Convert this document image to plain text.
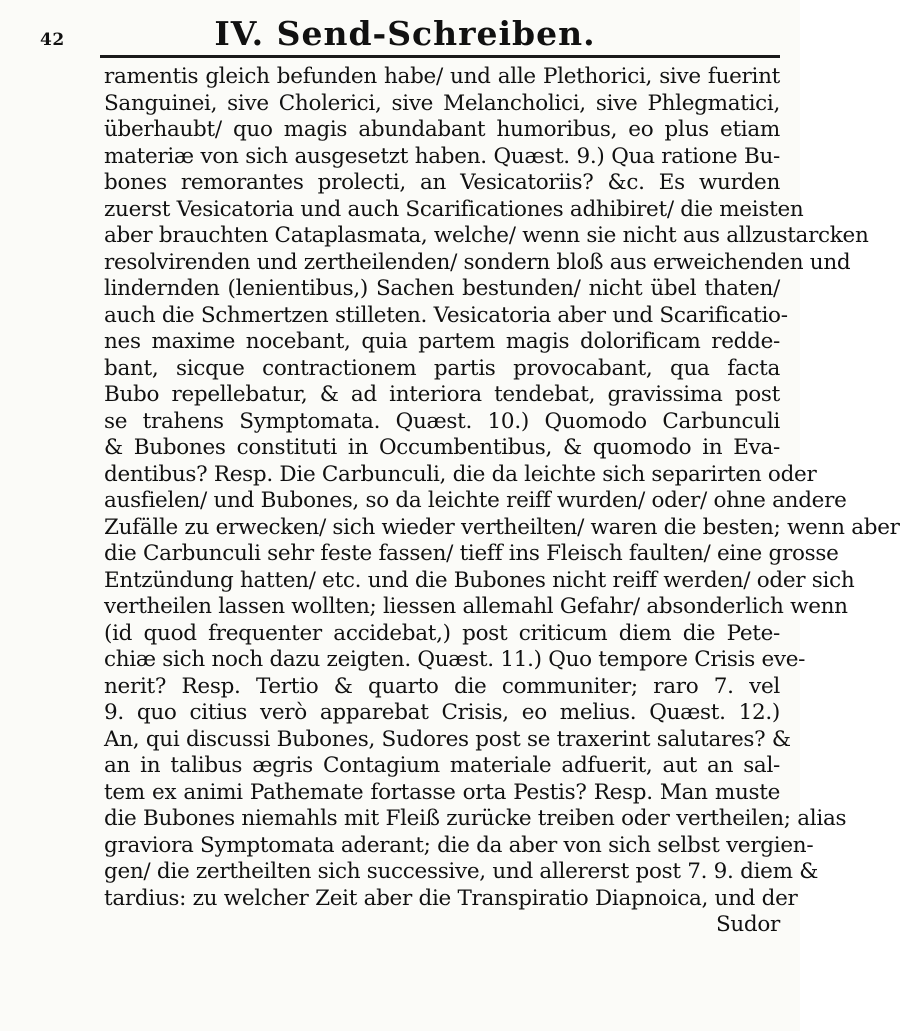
42	IV. Send-Schreiben.
ramentis gleich befunden habe/ und alle Plethorici, sive fuerint
Sanguinei, sive Cholerici, sive Melancholici, sive Phlegmatici,
überhaubt/ quo magis abundabant humoribus, eo plus etiam
materiæ von sich ausgesetzt haben. Quæst. 9.) Qua ratione Bu-
bones remorantes prolecti, an Vesicatoriis? &c. Es wurden
zuerst Vesicatoria und auch Scarificationes adhibiret/ die meisten
aber brauchten Cataplasmata, welche/ wenn sie nicht aus allzustarcken
resolvirenden und zertheilenden/ sondern bloß aus erweichenden und
lindernden (lenientibus,) Sachen bestunden/ nicht übel thaten/
auch die Schmertzen stilleten. Vesicatoria aber und Scarificatio-
nes maxime nocebant, quia partem magis dolorificam redde-
bant, sicque contractionem partis provocabant, qua facta
Bubo repellebatur, & ad interiora tendebat, gravissima post
se trahens Symptomata. Quæst. 10.) Quomodo Carbunculi
& Bubones constituti in Occumbentibus, & quomodo in Eva-
dentibus? Resp. Die Carbunculi, die da leichte sich separirten oder
ausfielen/ und Bubones, so da leichte reiff wurden/ oder/ ohne andere
Zufälle zu erwecken/ sich wieder vertheilten/ waren die besten; wenn aber
die Carbunculi sehr feste fassen/ tieff ins Fleisch faulten/ eine grosse
Entzündung hatten/ etc. und die Bubones nicht reiff werden/ oder sich
vertheilen lassen wollten; liessen allemahl Gefahr/ absonderlich wenn
(id quod frequenter accidebat,) post criticum diem die Pete-
chiæ sich noch dazu zeigten. Quæst. 11.) Quo tempore Crisis eve-
nerit? Resp. Tertio & quarto die communiter; raro 7. vel
9. quo citius verò apparebat Crisis, eo melius. Quæst. 12.)
An, qui discussi Bubones, Sudores post se traxerint salutares? &
an in talibus ægris Contagium materiale adfuerit, aut an sal-
tem ex animi Pathemate fortasse orta Pestis? Resp. Man muste
die Bubones niemahls mit Fleiß zurücke treiben oder vertheilen; alias
graviora Symptomata aderant; die da aber von sich selbst vergien-
gen/ die zertheilten sich successive, und allererst post 7. 9. diem &
tardius: zu welcher Zeit aber die Transpiratio Diapnoica, und der
Sudor
